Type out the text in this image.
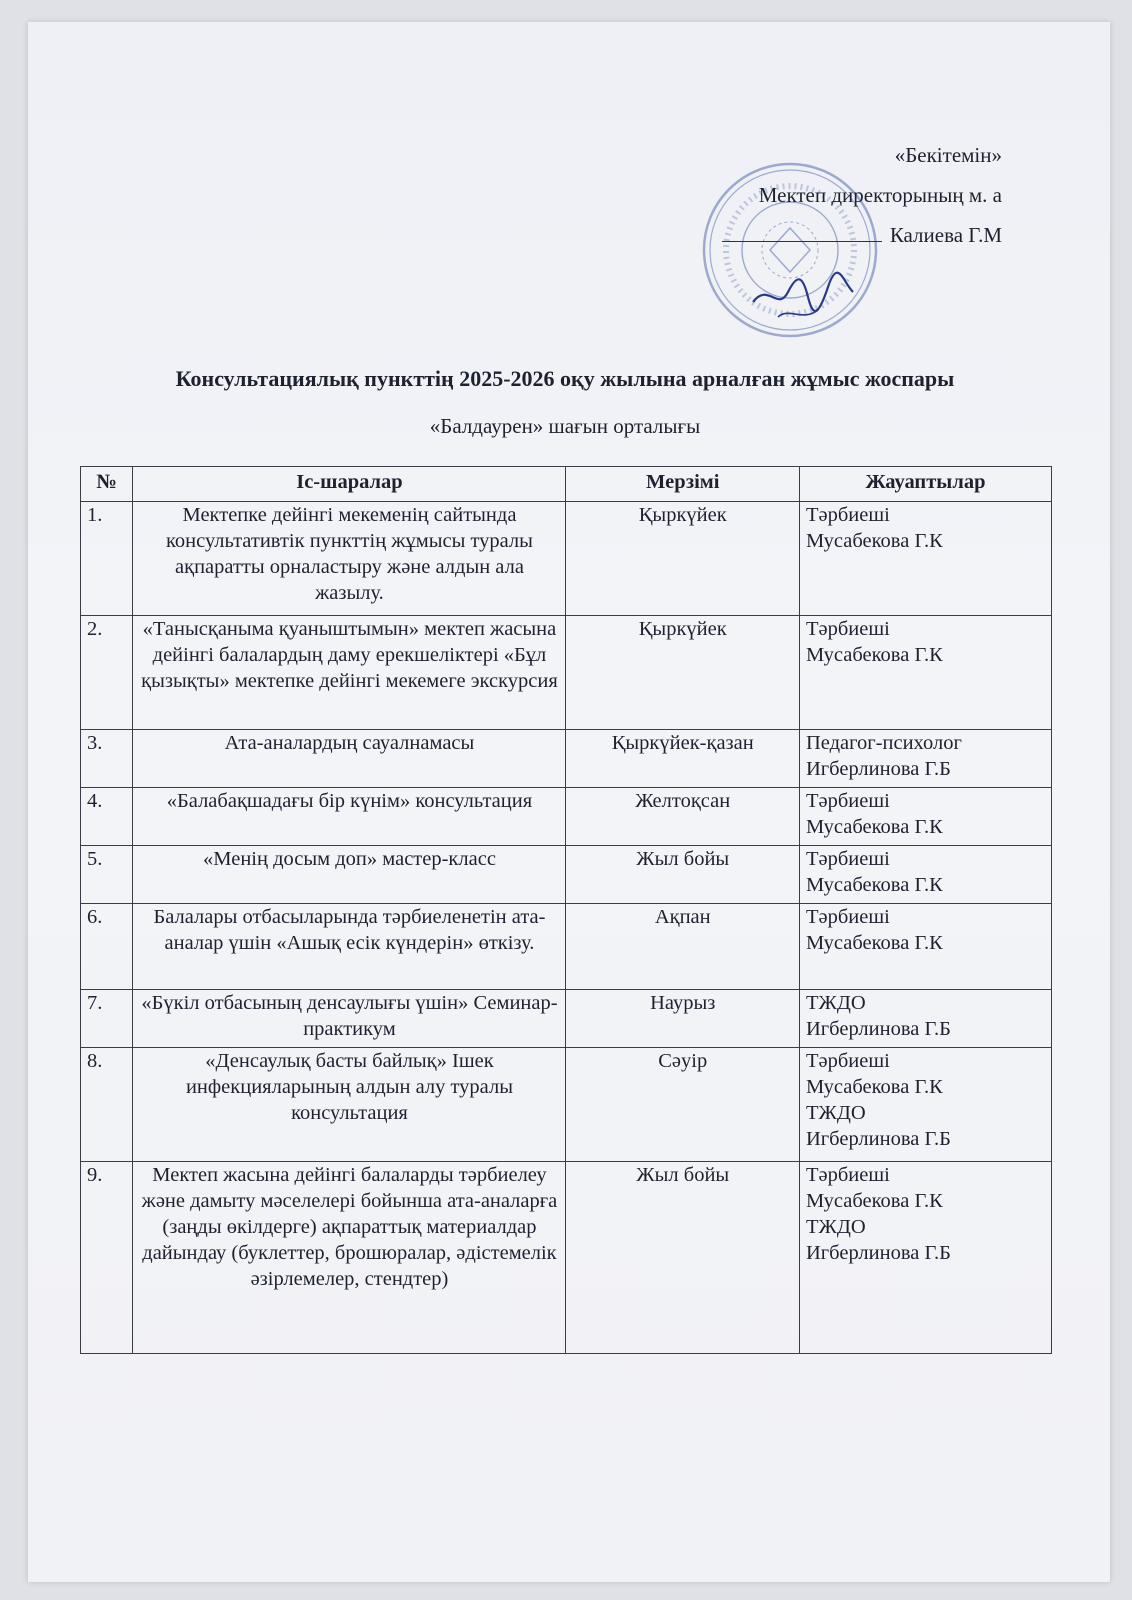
«Бекітемін»
Мектеп директорының м. а
Калиева Г.М
Консультациялық пункттің 2025-2026 оқу жылына арналған жұмыс жоспары
«Балдаурен» шағын орталығы
№	Іс-шаралар	Мерзімі	Жауаптылар
1.	Мектепке дейінгі мекеменің сайтында консультативтік пункттің жұмысы туралы ақпаратты орналастыру және алдын ала жазылу.	Қыркүйек	Тәрбиеші
Мусабекова Г.К

2.	«Танысқаныма қуаныштымын» мектеп жасына дейінгі балалардың даму ерекшеліктері «Бұл қызықты» мектепке дейінгі мекемеге экскурсия	Қыркүйек	Тәрбиеші
Мусабекова Г.К

3.	Ата-аналардың сауалнамасы	Қыркүйек-қазан	Педагог-психолог
Игберлинова Г.Б

4.	«Балабақшадағы бір күнім» консультация	Желтоқсан	Тәрбиеші
Мусабекова Г.К

5.	«Менің досым доп» мастер-класс	Жыл бойы	Тәрбиеші
Мусабекова Г.К

6.	Балалары отбасыларында тәрбиеленетін ата-аналар үшін «Ашық есік күндерін» өткізу.	Ақпан	Тәрбиеші
Мусабекова Г.К

7.	«Бүкіл отбасының денсаулығы үшін» Семинар-практикум	Наурыз	ТЖДО
Игберлинова Г.Б

8.	«Денсаулық басты байлық» Ішек инфекцияларының алдын алу туралы консультация	Сәуір	Тәрбиеші
Мусабекова Г.К
ТЖДО
Игберлинова Г.Б

9.	Мектеп жасына дейінгі балаларды тәрбиелеу және дамыту мәселелері бойынша ата-аналарға (заңды өкілдерге) ақпараттық материалдар дайындау (буклеттер, брошюралар, әдістемелік әзірлемелер, стендтер)	Жыл бойы	Тәрбиеші
Мусабекова Г.К
ТЖДО
Игберлинова Г.Б
